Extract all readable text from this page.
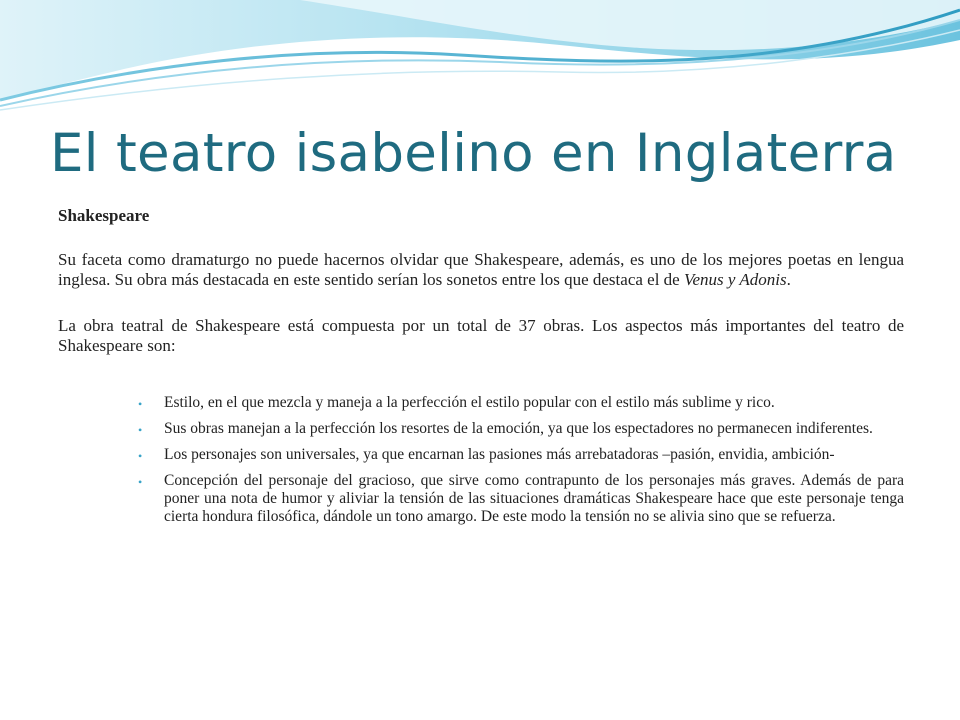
El teatro isabelino en Inglaterra

Shakespeare

Su faceta como dramaturgo no puede hacernos olvidar que Shakespeare, además, es uno de los mejores poetas en lengua inglesa. Su obra más destacada en este sentido serían los sonetos entre los que destaca el de Venus y Adonis.

La obra teatral de Shakespeare está compuesta por un total de 37 obras. Los aspectos más importantes del teatro de Shakespeare son:

• Estilo, en el que mezcla y maneja a la perfección el estilo popular con el estilo más sublime y rico.
• Sus obras manejan a la perfección los resortes de la emoción, ya que los espectadores no permanecen indiferentes.
• Los personajes son universales, ya que encarnan las pasiones más arrebatadoras –pasión, envidia, ambición-
• Concepción del personaje del gracioso, que sirve como contrapunto de los personajes más graves. Además de para poner una nota de humor y aliviar la tensión de las situaciones dramáticas Shakespeare hace que este personaje tenga cierta hondura filosófica, dándole un tono amargo. De este modo la tensión no se alivia sino que se refuerza.
